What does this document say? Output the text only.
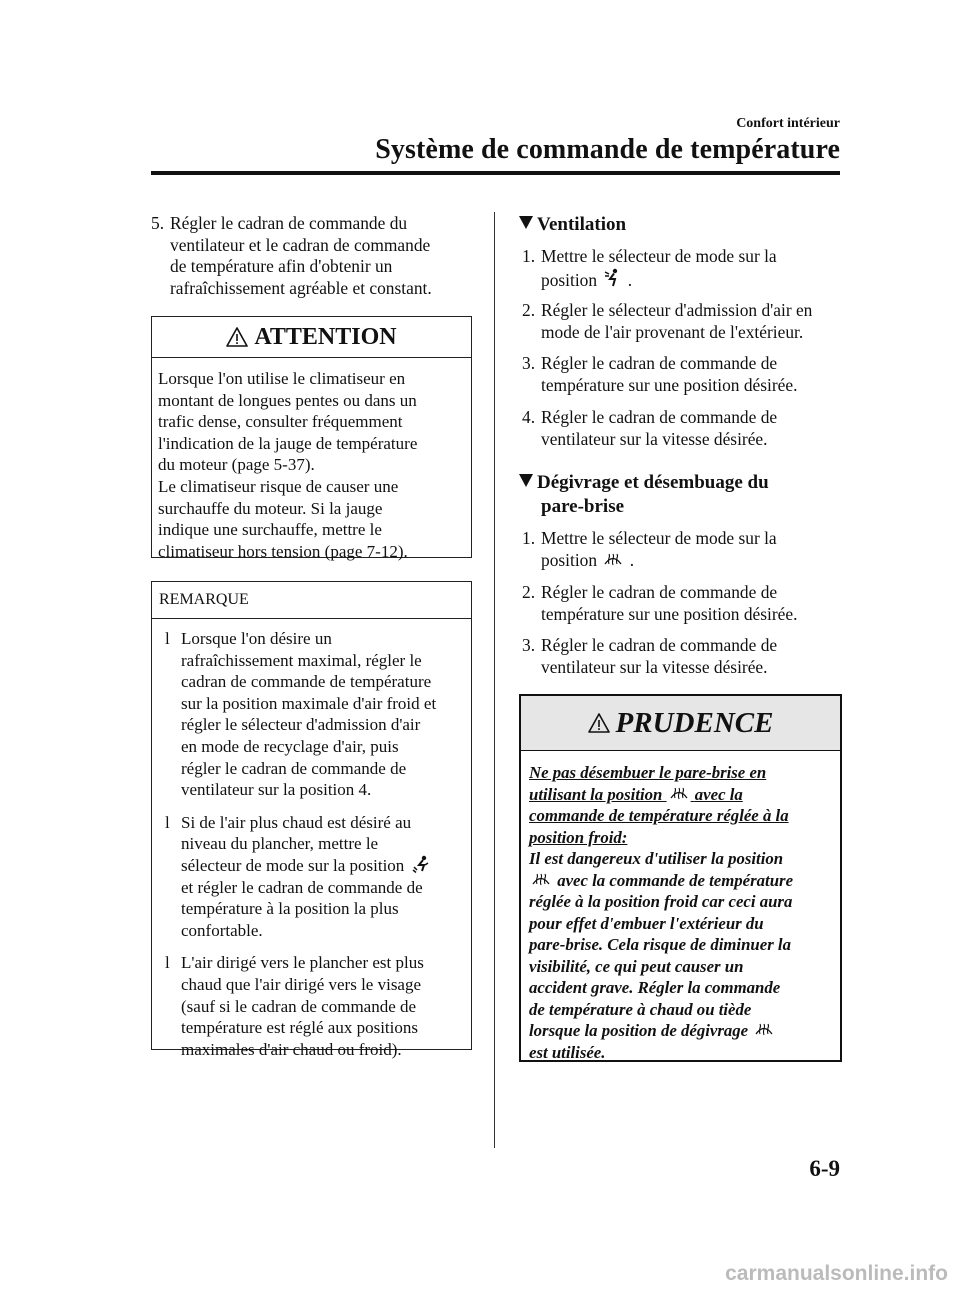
Confort intérieur
Système de commande de température
5. Régler le cadran de commande du
ventilateur et le cadran de commande
de température afin d'obtenir un
rafraîchissement agréable et constant.
ATTENTION
Lorsque l'on utilise le climatiseur en
montant de longues pentes ou dans un
trafic dense, consulter fréquemment
l'indication de la jauge de température
du moteur (page 5-37).
Le climatiseur risque de causer une
surchauffe du moteur. Si la jauge
indique une surchauffe, mettre le
climatiseur hors tension (page 7-12).
REMARQUE
l Lorsque l'on désire un
rafraîchissement maximal, régler le
cadran de commande de température
sur la position maximale d'air froid et
régler le sélecteur d'admission d'air
en mode de recyclage d'air, puis
régler le cadran de commande de
ventilateur sur la position 4.
l Si de l'air plus chaud est désiré au
niveau du plancher, mettre le
sélecteur de mode sur la position
et régler le cadran de commande de
température à la position la plus
confortable.
l L'air dirigé vers le plancher est plus
chaud que l'air dirigé vers le visage
(sauf si le cadran de commande de
température est réglé aux positions
maximales d'air chaud ou froid).
Ventilation
1. Mettre le sélecteur de mode sur la
position .
2. Régler le sélecteur d'admission d'air en
mode de l'air provenant de l'extérieur.
3. Régler le cadran de commande de
température sur une position désirée.
4. Régler le cadran de commande de
ventilateur sur la vitesse désirée.
Dégivrage et désembuage du
pare-brise
1. Mettre le sélecteur de mode sur la
position .
2. Régler le cadran de commande de
température sur une position désirée.
3. Régler le cadran de commande de
ventilateur sur la vitesse désirée.
PRUDENCE
Ne pas désembuer le pare-brise en
utilisant la position avec la
commande de température réglée à la
position froid:
Il est dangereux d'utiliser la position
avec la commande de température
réglée à la position froid car ceci aura
pour effet d'embuer l'extérieur du
pare-brise. Cela risque de diminuer la
visibilité, ce qui peut causer un
accident grave. Régler la commande
de température à chaud ou tiède
lorsque la position de dégivrage
est utilisée.
6-9
carmanualsonline.info
